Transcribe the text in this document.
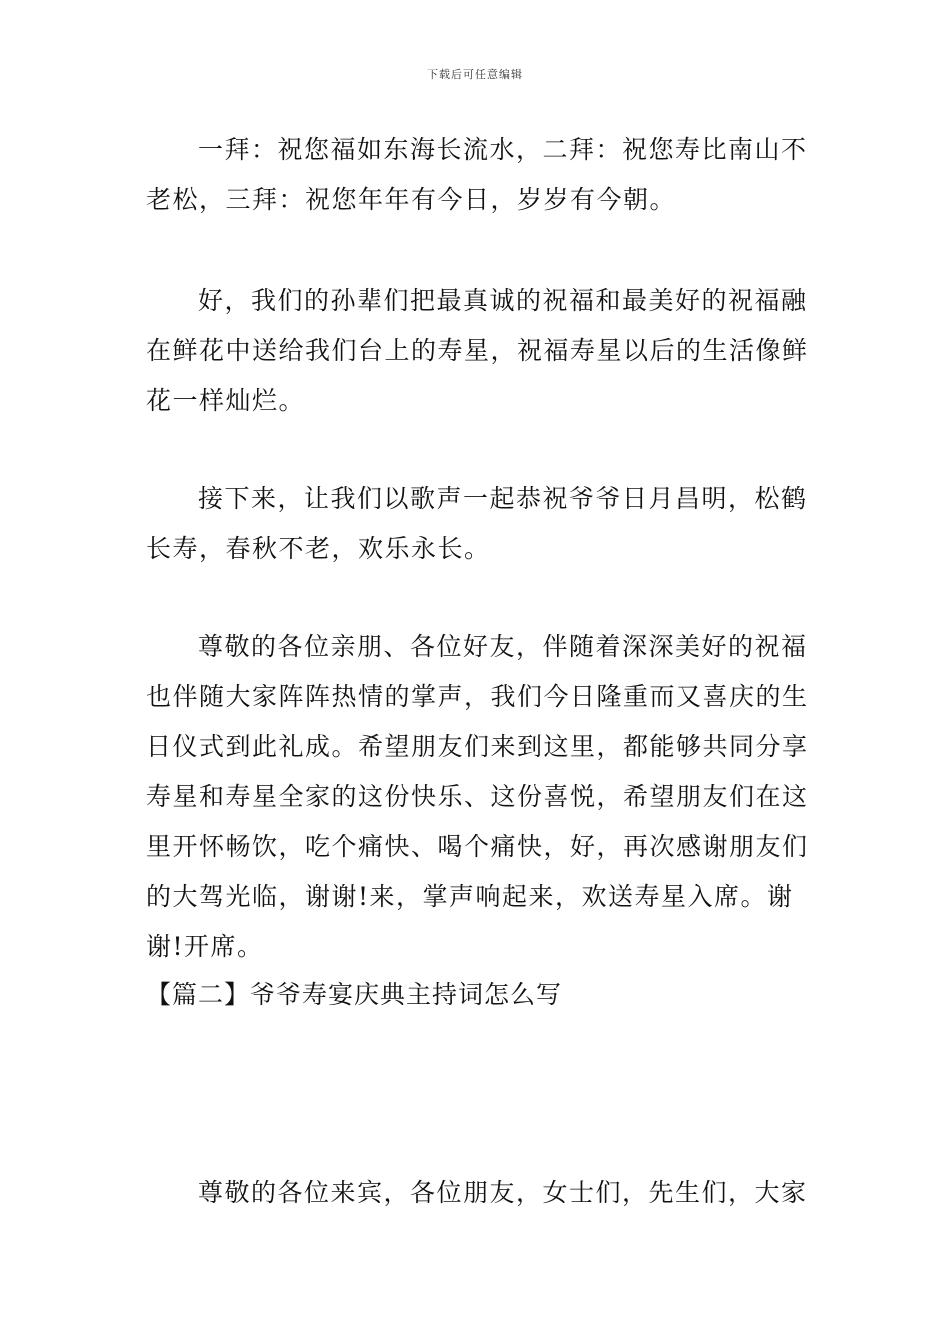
下载后可任意编辑

一拜：祝您福如东海长流水，二拜：祝您寿比南山不老松，三拜：祝您年年有今日，岁岁有今朝。

好，我们的孙辈们把最真诚的祝福和最美好的祝福融在鲜花中送给我们台上的寿星，祝福寿星以后的生活像鲜花一样灿烂。

接下来，让我们以歌声一起恭祝爷爷日月昌明，松鹤长寿，春秋不老，欢乐永长。

尊敬的各位亲朋、各位好友，伴随着深深美好的祝福也伴随大家阵阵热情的掌声，我们今日隆重而又喜庆的生日仪式到此礼成。希望朋友们来到这里，都能够共同分享寿星和寿星全家的这份快乐、这份喜悦，希望朋友们在这里开怀畅饮，吃个痛快、喝个痛快，好，再次感谢朋友们的大驾光临，谢谢!来，掌声响起来，欢送寿星入席。谢谢!开席。

【篇二】爷爷寿宴庆典主持词怎么写

尊敬的各位来宾，各位朋友，女士们，先生们，大家
